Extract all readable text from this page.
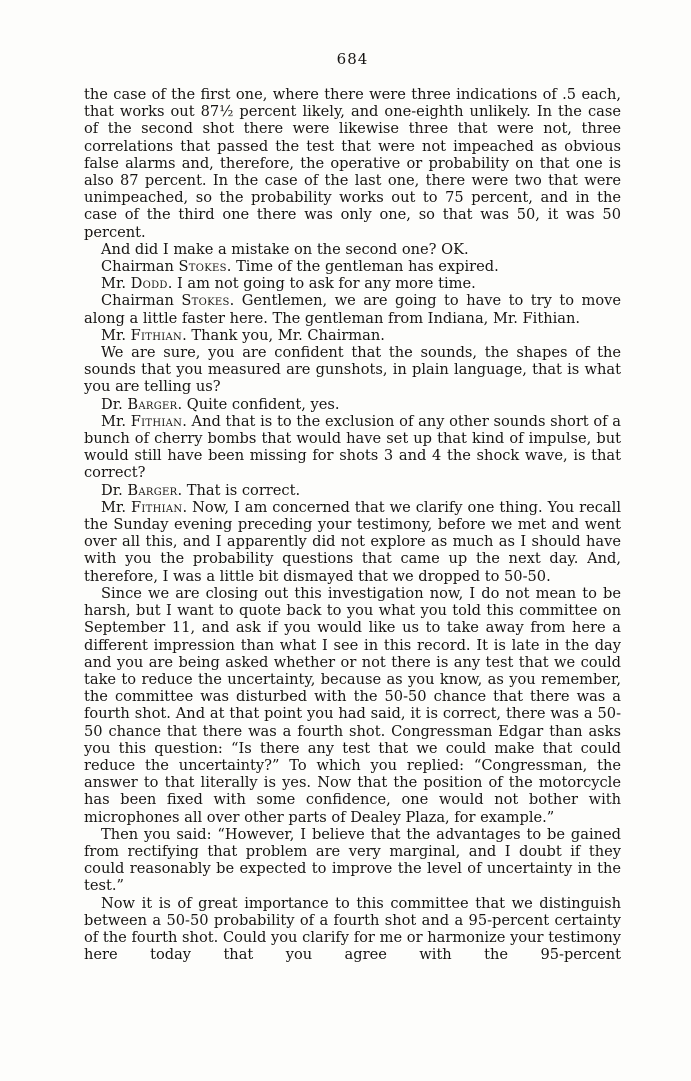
684

the case of the first one, where there were three indications of .5 each, that works out 87½ percent likely, and one-eighth unlikely. In the case of the second shot there were likewise three that were not, three correlations that passed the test that were not impeached as obvious false alarms and, therefore, the operative or probability on that one is also 87 percent. In the case of the last one, there were two that were unimpeached, so the probability works out to 75 percent, and in the case of the third one there was only one, so that was 50, it was 50 percent.

And did I make a mistake on the second one? OK.

Chairman Stokes. Time of the gentleman has expired.

Mr. Dodd. I am not going to ask for any more time.

Chairman Stokes. Gentlemen, we are going to have to try to move along a little faster here. The gentleman from Indiana, Mr. Fithian.

Mr. Fithian. Thank you, Mr. Chairman.

We are sure, you are confident that the sounds, the shapes of the sounds that you measured are gunshots, in plain language, that is what you are telling us?

Dr. Barger. Quite confident, yes.

Mr. Fithian. And that is to the exclusion of any other sounds short of a bunch of cherry bombs that would have set up that kind of impulse, but would still have been missing for shots 3 and 4 the shock wave, is that correct?

Dr. Barger. That is correct.

Mr. Fithian. Now, I am concerned that we clarify one thing. You recall the Sunday evening preceding your testimony, before we met and went over all this, and I apparently did not explore as much as I should have with you the probability questions that came up the next day. And, therefore, I was a little bit dismayed that we dropped to 50-50.

Since we are closing out this investigation now, I do not mean to be harsh, but I want to quote back to you what you told this committee on September 11, and ask if you would like us to take away from here a different impression than what I see in this record. It is late in the day and you are being asked whether or not there is any test that we could take to reduce the uncertainty, because as you know, as you remember, the committee was disturbed with the 50-50 chance that there was a fourth shot. And at that point you had said, it is correct, there was a 50-50 chance that there was a fourth shot. Congressman Edgar than asks you this question: “Is there any test that we could make that could reduce the uncertainty?” To which you replied: “Congressman, the answer to that literally is yes. Now that the position of the motorcycle has been fixed with some confidence, one would not bother with microphones all over other parts of Dealey Plaza, for example.”

Then you said: “However, I believe that the advantages to be gained from rectifying that problem are very marginal, and I doubt if they could reasonably be expected to improve the level of uncertainty in the test.”

Now it is of great importance to this committee that we distinguish between a 50-50 probability of a fourth shot and a 95-percent certainty of the fourth shot. Could you clarify for me or harmonize your testimony here today that you agree with the 95-percent
